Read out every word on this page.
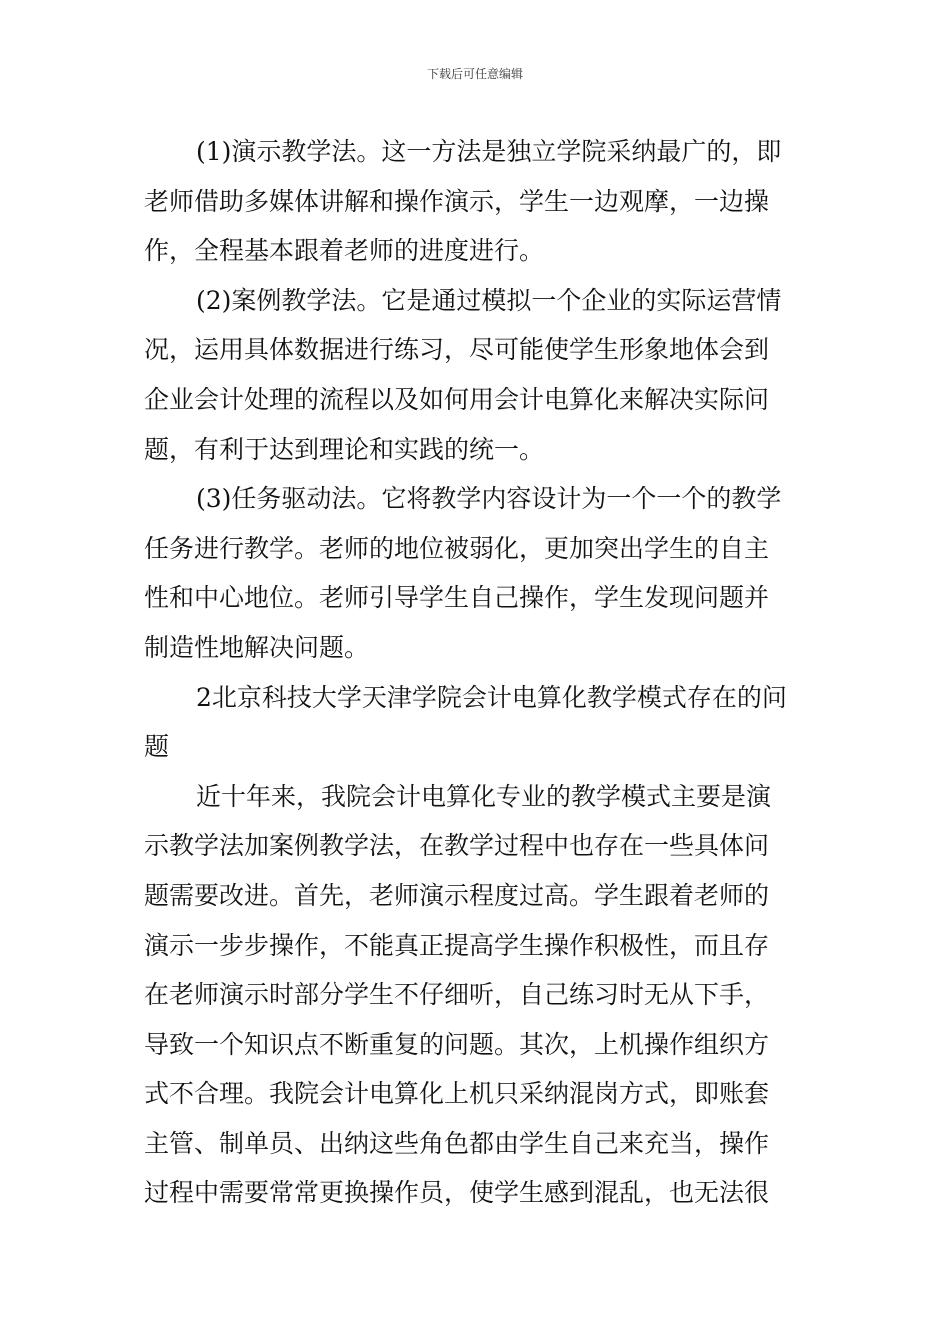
下载后可任意编辑
(1)演示教学法。这一方法是独立学院采纳最广的，即
老师借助多媒体讲解和操作演示，学生一边观摩，一边操
作，全程基本跟着老师的进度进行。
(2)案例教学法。它是通过模拟一个企业的实际运营情
况，运用具体数据进行练习，尽可能使学生形象地体会到
企业会计处理的流程以及如何用会计电算化来解决实际问
题，有利于达到理论和实践的统一。
(3)任务驱动法。它将教学内容设计为一个一个的教学
任务进行教学。老师的地位被弱化，更加突出学生的自主
性和中心地位。老师引导学生自己操作，学生发现问题并
制造性地解决问题。
2北京科技大学天津学院会计电算化教学模式存在的问
题
近十年来，我院会计电算化专业的教学模式主要是演
示教学法加案例教学法，在教学过程中也存在一些具体问
题需要改进。首先，老师演示程度过高。学生跟着老师的
演示一步步操作，不能真正提高学生操作积极性，而且存
在老师演示时部分学生不仔细听，自己练习时无从下手，
导致一个知识点不断重复的问题。其次，上机操作组织方
式不合理。我院会计电算化上机只采纳混岗方式，即账套
主管、制单员、出纳这些角色都由学生自己来充当，操作
过程中需要常常更换操作员，使学生感到混乱，也无法很
